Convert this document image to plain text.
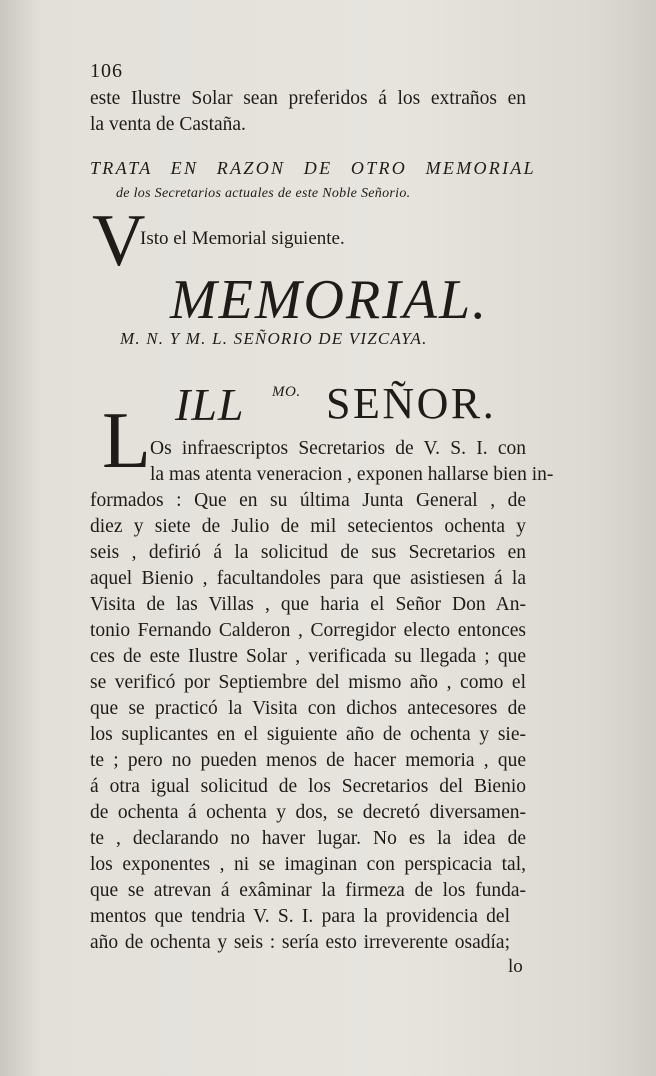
106
este Ilustre Solar sean preferidos á los extraños en
la venta de Castaña.
TRATA EN RAZON DE OTRO MEMORIAL
de los Secretarios actuales de este Noble Señorio.
V
Isto el Memorial siguiente.
MEMORIAL.
M. N. Y M. L. SEÑORIO DE VIZCAYA.
ILL MO. SEÑOR.
L Os infraescriptos Secretarios de V. S. I. con
la mas atenta veneracion , exponen hallarse bien in-
formados : Que en su última Junta General , de
diez y siete de Julio de mil setecientos ochenta y
seis , defirió á la solicitud de sus Secretarios en
aquel Bienio , facultandoles para que asistiesen á la
Visita de las Villas , que haria el Señor Don An-
tonio Fernando Calderon , Corregidor electo entonces
ces de este Ilustre Solar , verificada su llegada ; que
se verificó por Septiembre del mismo año , como el
que se practicó la Visita con dichos antecesores de
los suplicantes en el siguiente año de ochenta y sie-
te ; pero no pueden menos de hacer memoria , que
á otra igual solicitud de los Secretarios del Bienio
de ochenta á ochenta y dos, se decretó diversamen-
te , declarando no haver lugar. No es la idea de
los exponentes , ni se imaginan con perspicacia tal,
que se atrevan á exâminar la firmeza de los funda-
mentos que tendria V. S. I. para la providencia del
año de ochenta y seis : sería esto irreverente osadía;
lo
